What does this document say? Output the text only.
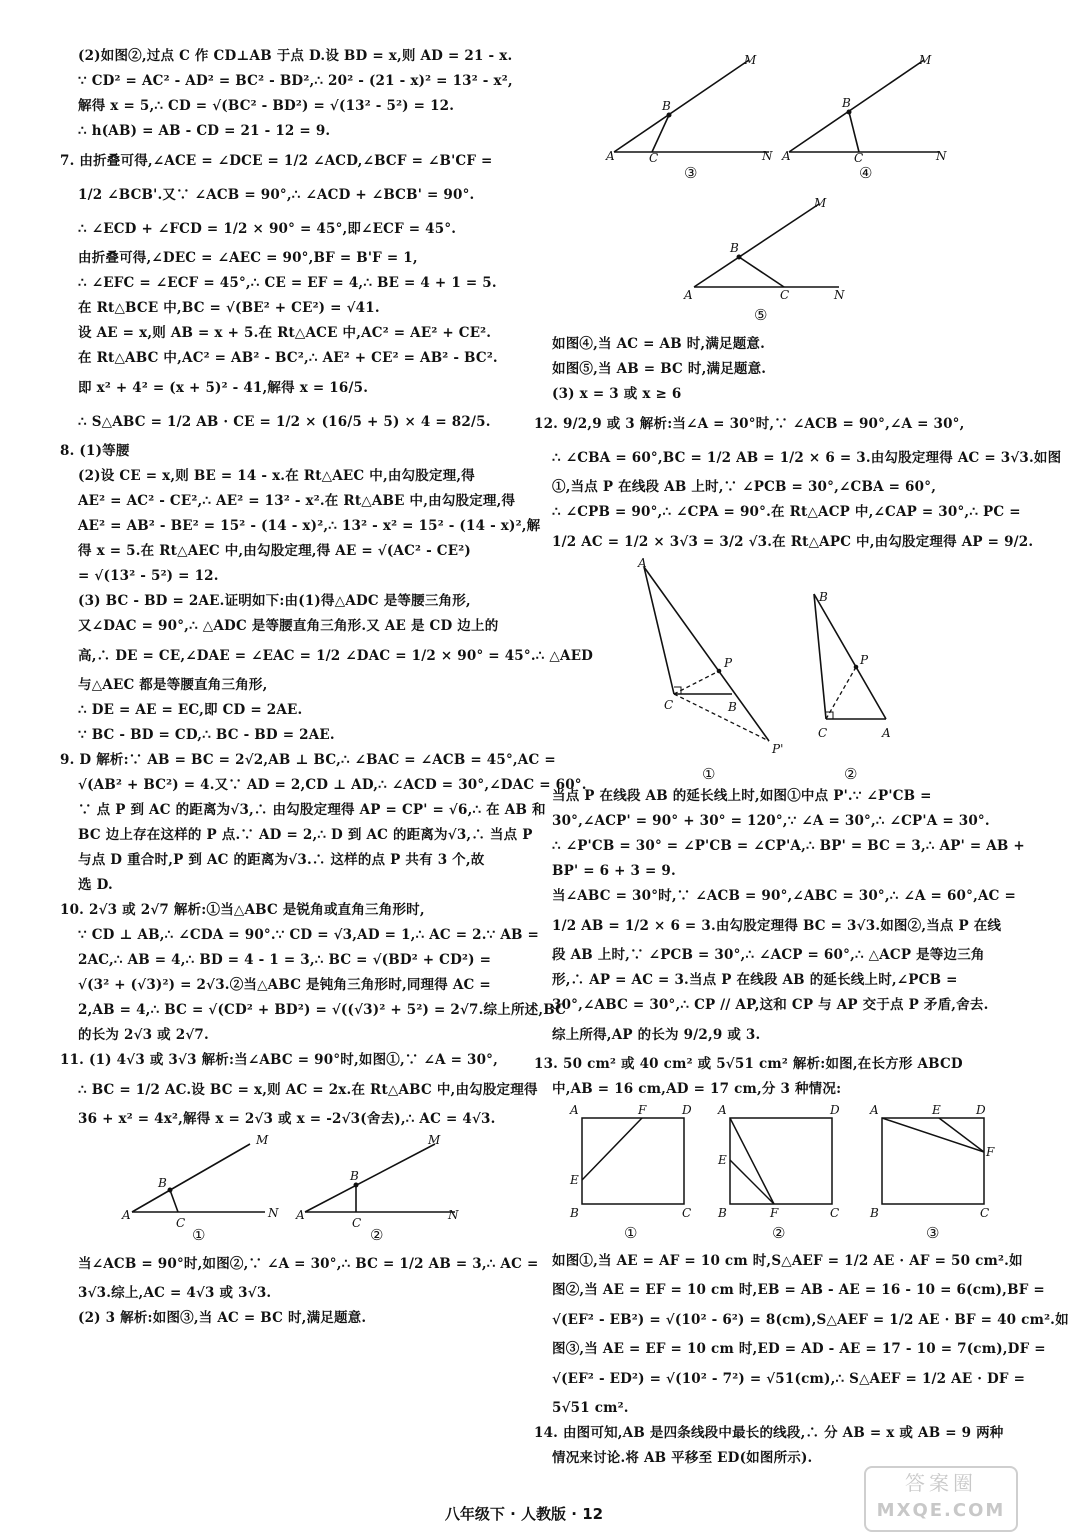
(2)如图②,过点 C 作 CD⊥AB 于点 D.设 BD = x,则 AD = 21 - x.
∵ CD² = AC² - AD² = BC² - BD²,∴ 20² - (21 - x)² = 13² - x²,
解得 x = 5,∴ CD = √(BC² - BD²) = √(13² - 5²) = 12.
∴ h(AB) = AB - CD = 21 - 12 = 9.
7. 由折叠可得,∠ACE = ∠DCE = 1/2 ∠ACD,∠BCF = ∠B'CF =
1/2 ∠BCB'.又∵ ∠ACB = 90°,∴ ∠ACD + ∠BCB' = 90°.
∴ ∠ECD + ∠FCD = 1/2 × 90° = 45°,即∠ECF = 45°.
由折叠可得,∠DEC = ∠AEC = 90°,BF = B'F = 1,
∴ ∠EFC = ∠ECF = 45°,∴ CE = EF = 4,∴ BE = 4 + 1 = 5.
在 Rt△BCE 中,BC = √(BE² + CE²) = √41.
设 AE = x,则 AB = x + 5.在 Rt△ACE 中,AC² = AE² + CE².
在 Rt△ABC 中,AC² = AB² - BC²,∴ AE² + CE² = AB² - BC².
即 x² + 4² = (x + 5)² - 41,解得 x = 16/5.
∴ S△ABC = 1/2 AB · CE = 1/2 × (16/5 + 5) × 4 = 82/5.
8. (1)等腰
(2)设 CE = x,则 BE = 14 - x.在 Rt△AEC 中,由勾股定理,得
AE² = AC² - CE²,∴ AE² = 13² - x².在 Rt△ABE 中,由勾股定理,得
AE² = AB² - BE² = 15² - (14 - x)²,∴ 13² - x² = 15² - (14 - x)²,解
得 x = 5.在 Rt△AEC 中,由勾股定理,得 AE = √(AC² - CE²)
= √(13² - 5²) = 12.
(3) BC - BD = 2AE.证明如下:由(1)得△ADC 是等腰三角形,
又∠DAC = 90°,∴ △ADC 是等腰直角三角形.又 AE 是 CD 边上的
高,∴ DE = CE,∠DAE = ∠EAC = 1/2 ∠DAC = 1/2 × 90° = 45°.∴ △AED
与△AEC 都是等腰直角三角形,
∴ DE = AE = EC,即 CD = 2AE.
∵ BC - BD = CD,∴ BC - BD = 2AE.
9. D 解析:∵ AB = BC = 2√2,AB ⊥ BC,∴ ∠BAC = ∠ACB = 45°,AC =
√(AB² + BC²) = 4.又∵ AD = 2,CD ⊥ AD,∴ ∠ACD = 30°,∠DAC = 60°.
∵ 点 P 到 AC 的距离为√3,∴ 由勾股定理得 AP = CP' = √6,∴ 在 AB 和
BC 边上存在这样的 P 点.∵ AD = 2,∴ D 到 AC 的距离为√3,∴ 当点 P
与点 D 重合时,P 到 AC 的距离为√3.∴ 这样的点 P 共有 3 个,故
选 D.
10. 2√3 或 2√7 解析:①当△ABC 是锐角或直角三角形时,
∵ CD ⊥ AB,∴ ∠CDA = 90°.∵ CD = √3,AD = 1,∴ AC = 2.∵ AB =
2AC,∴ AB = 4,∴ BD = 4 - 1 = 3,∴ BC = √(BD² + CD²) =
√(3² + (√3)²) = 2√3.②当△ABC 是钝角三角形时,同理得 AC =
2,AB = 4,∴ BC = √(CD² + BD²) = √((√3)² + 5²) = 2√7.综上所述,BC
的长为 2√3 或 2√7.
11. (1) 4√3 或 3√3 解析:当∠ABC = 90°时,如图①,∵ ∠A = 30°,
∴ BC = 1/2 AC.设 BC = x,则 AC = 2x.在 Rt△ABC 中,由勾股定理得
36 + x² = 4x²,解得 x = 2√3 或 x = -2√3(舍去),∴ AC = 4√3.
M
A
B
C
N
M
A
B
C
N
①	②
当∠ACB = 90°时,如图②,∵ ∠A = 30°,∴ BC = 1/2 AB = 3,∴ AC =
3√3.综上,AC = 4√3 或 3√3.
(2) 3 解析:如图③,当 AC = BC 时,满足题意.
M
A
B
C	N
M
A
B
C	N
M
A
B
C	N
③	④
⑤
如图④,当 AC = AB 时,满足题意.
如图⑤,当 AB = BC 时,满足题意.
(3) x = 3 或 x ≥ 6
12. 9/2,9 或 3 解析:当∠A = 30°时,∵ ∠ACB = 90°,∠A = 30°,
∴ ∠CBA = 60°,BC = 1/2 AB = 1/2 × 6 = 3.由勾股定理得 AC = 3√3.如图
①,当点 P 在线段 AB 上时,∵ ∠PCB = 30°,∠CBA = 60°,
∴ ∠CPB = 90°,∴ ∠CPA = 90°.在 Rt△ACP 中,∠CAP = 30°,∴ PC =
1/2 AC = 1/2 × 3√3 = 3/2 √3.在 Rt△APC 中,由勾股定理得 AP = 9/2.
A
P
C	B
P'
B
P
C	A
①	②
当点 P 在线段 AB 的延长线上时,如图①中点 P'.∵ ∠P'CB =
30°,∠ACP' = 90° + 30° = 120°,∵ ∠A = 30°,∴ ∠CP'A = 30°.
∴ ∠P'CB = 30° = ∠P'CB = ∠CP'A,∴ BP' = BC = 3,∴ AP' = AB +
BP' = 6 + 3 = 9.
当∠ABC = 30°时,∵ ∠ACB = 90°,∠ABC = 30°,∴ ∠A = 60°,AC =
1/2 AB = 1/2 × 6 = 3.由勾股定理得 BC = 3√3.如图②,当点 P 在线
段 AB 上时,∵ ∠PCB = 30°,∴ ∠ACP = 60°,∴ △ACP 是等边三角
形,∴ AP = AC = 3.当点 P 在线段 AB 的延长线上时,∠PCB =
30°,∠ABC = 30°,∴ CP // AP,这和 CP 与 AP 交于点 P 矛盾,舍去.
综上所得,AP 的长为 9/2,9 或 3.
13. 50 cm² 或 40 cm² 或 5√51 cm² 解析:如图,在长方形 ABCD
中,AB = 16 cm,AD = 17 cm,分 3 种情况:
A	F	D
E
B	C
A	D
E
B	F	C
A	E	D
F
B	C
①	②	③
如图①,当 AE = AF = 10 cm 时,S△AEF = 1/2 AE · AF = 50 cm².如
图②,当 AE = EF = 10 cm 时,EB = AB - AE = 16 - 10 = 6(cm),BF =
√(EF² - EB²) = √(10² - 6²) = 8(cm),S△AEF = 1/2 AE · BF = 40 cm².如
图③,当 AE = EF = 10 cm 时,ED = AD - AE = 17 - 10 = 7(cm),DF =
√(EF² - ED²) = √(10² - 7²) = √51(cm),∴ S△AEF = 1/2 AE · DF =
5√51 cm².
14. 由图可知,AB 是四条线段中最长的线段,∴ 分 AB = x 或 AB = 9 两种
情况来讨论.将 AB 平移至 ED(如图所示).
八年级下 · 人教版 · 12
答案圈
MXQE.COM
